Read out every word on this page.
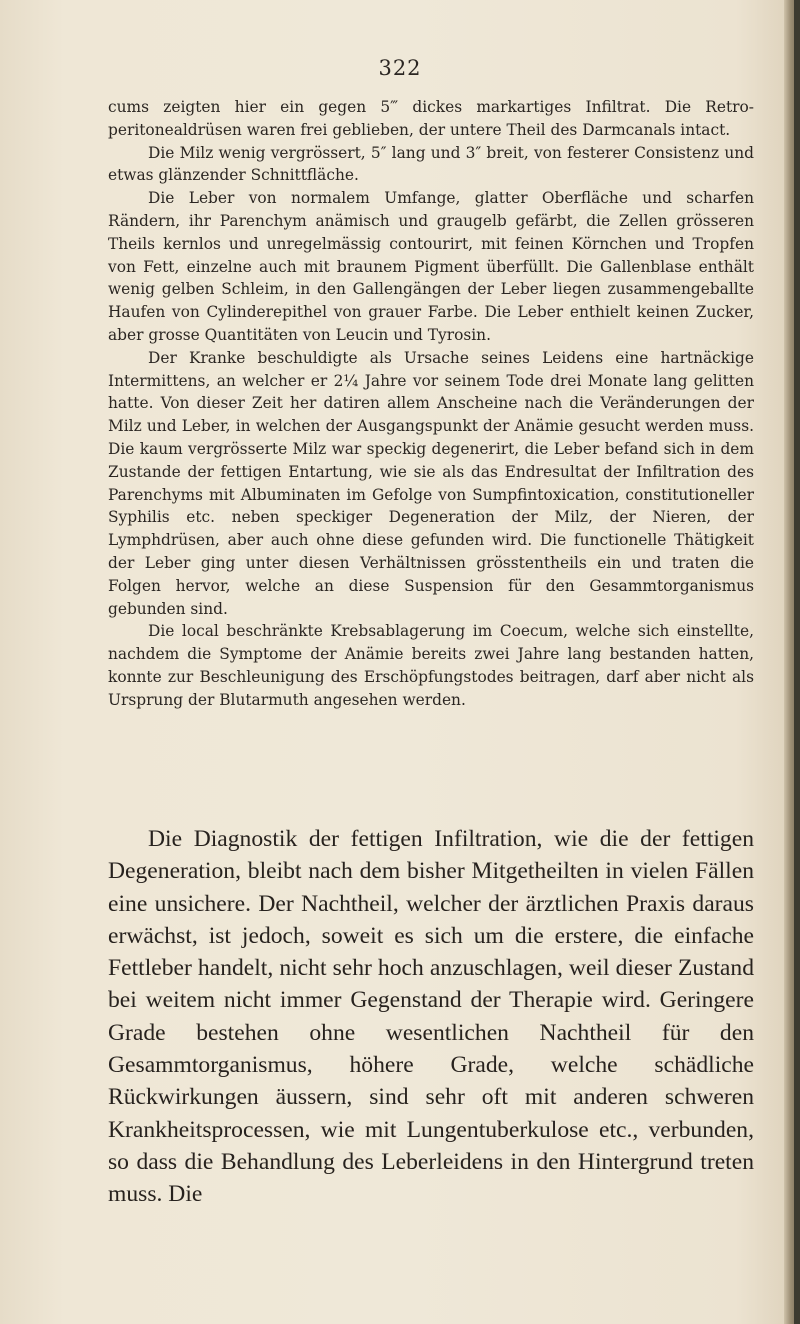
322

cums zeigten hier ein gegen 5‴ dickes markartiges Infiltrat. Die Retro-peritonealdrüsen waren frei geblieben, der untere Theil des Darmcanals intact.

Die Milz wenig vergrössert, 5″ lang und 3″ breit, von festerer Consistenz und etwas glänzender Schnittfläche.

Die Leber von normalem Umfange, glatter Oberfläche und scharfen Rändern, ihr Parenchym anämisch und graugelb gefärbt, die Zellen grösseren Theils kernlos und unregelmässig contourirt, mit feinen Körnchen und Tropfen von Fett, einzelne auch mit braunem Pigment überfüllt. Die Gallenblase enthält wenig gelben Schleim, in den Gallengängen der Leber liegen zusammengeballte Haufen von Cylinderepithel von grauer Farbe. Die Leber enthielt keinen Zucker, aber grosse Quantitäten von Leucin und Tyrosin.

Der Kranke beschuldigte als Ursache seines Leidens eine hartnäckige Intermittens, an welcher er 2¼ Jahre vor seinem Tode drei Monate lang gelitten hatte. Von dieser Zeit her datiren allem Anscheine nach die Veränderungen der Milz und Leber, in welchen der Ausgangspunkt der Anämie gesucht werden muss. Die kaum vergrösserte Milz war speckig degenerirt, die Leber befand sich in dem Zustande der fettigen Entartung, wie sie als das Endresultat der Infiltration des Parenchyms mit Albuminaten im Gefolge von Sumpfintoxication, constitutioneller Syphilis etc. neben speckiger Degeneration der Milz, der Nieren, der Lymphdrüsen, aber auch ohne diese gefunden wird. Die functionelle Thätigkeit der Leber ging unter diesen Verhältnissen grösstentheils ein und traten die Folgen hervor, welche an diese Suspension für den Gesammtorganismus gebunden sind.

Die local beschränkte Krebsablagerung im Coecum, welche sich einstellte, nachdem die Symptome der Anämie bereits zwei Jahre lang bestanden hatten, konnte zur Beschleunigung des Erschöpfungstodes beitragen, darf aber nicht als Ursprung der Blutarmuth angesehen werden.

Die Diagnostik der fettigen Infiltration, wie die der fettigen Degeneration, bleibt nach dem bisher Mitgetheilten in vielen Fällen eine unsichere. Der Nachtheil, welcher der ärztlichen Praxis daraus erwächst, ist jedoch, soweit es sich um die erstere, die einfache Fettleber handelt, nicht sehr hoch anzuschlagen, weil dieser Zustand bei weitem nicht immer Gegenstand der Therapie wird. Geringere Grade bestehen ohne wesentlichen Nachtheil für den Gesammtorganismus, höhere Grade, welche schädliche Rückwirkungen äussern, sind sehr oft mit anderen schweren Krankheitsprocessen, wie mit Lungentuberkulose etc., verbunden, so dass die Behandlung des Leberleidens in den Hintergrund treten muss. Die
